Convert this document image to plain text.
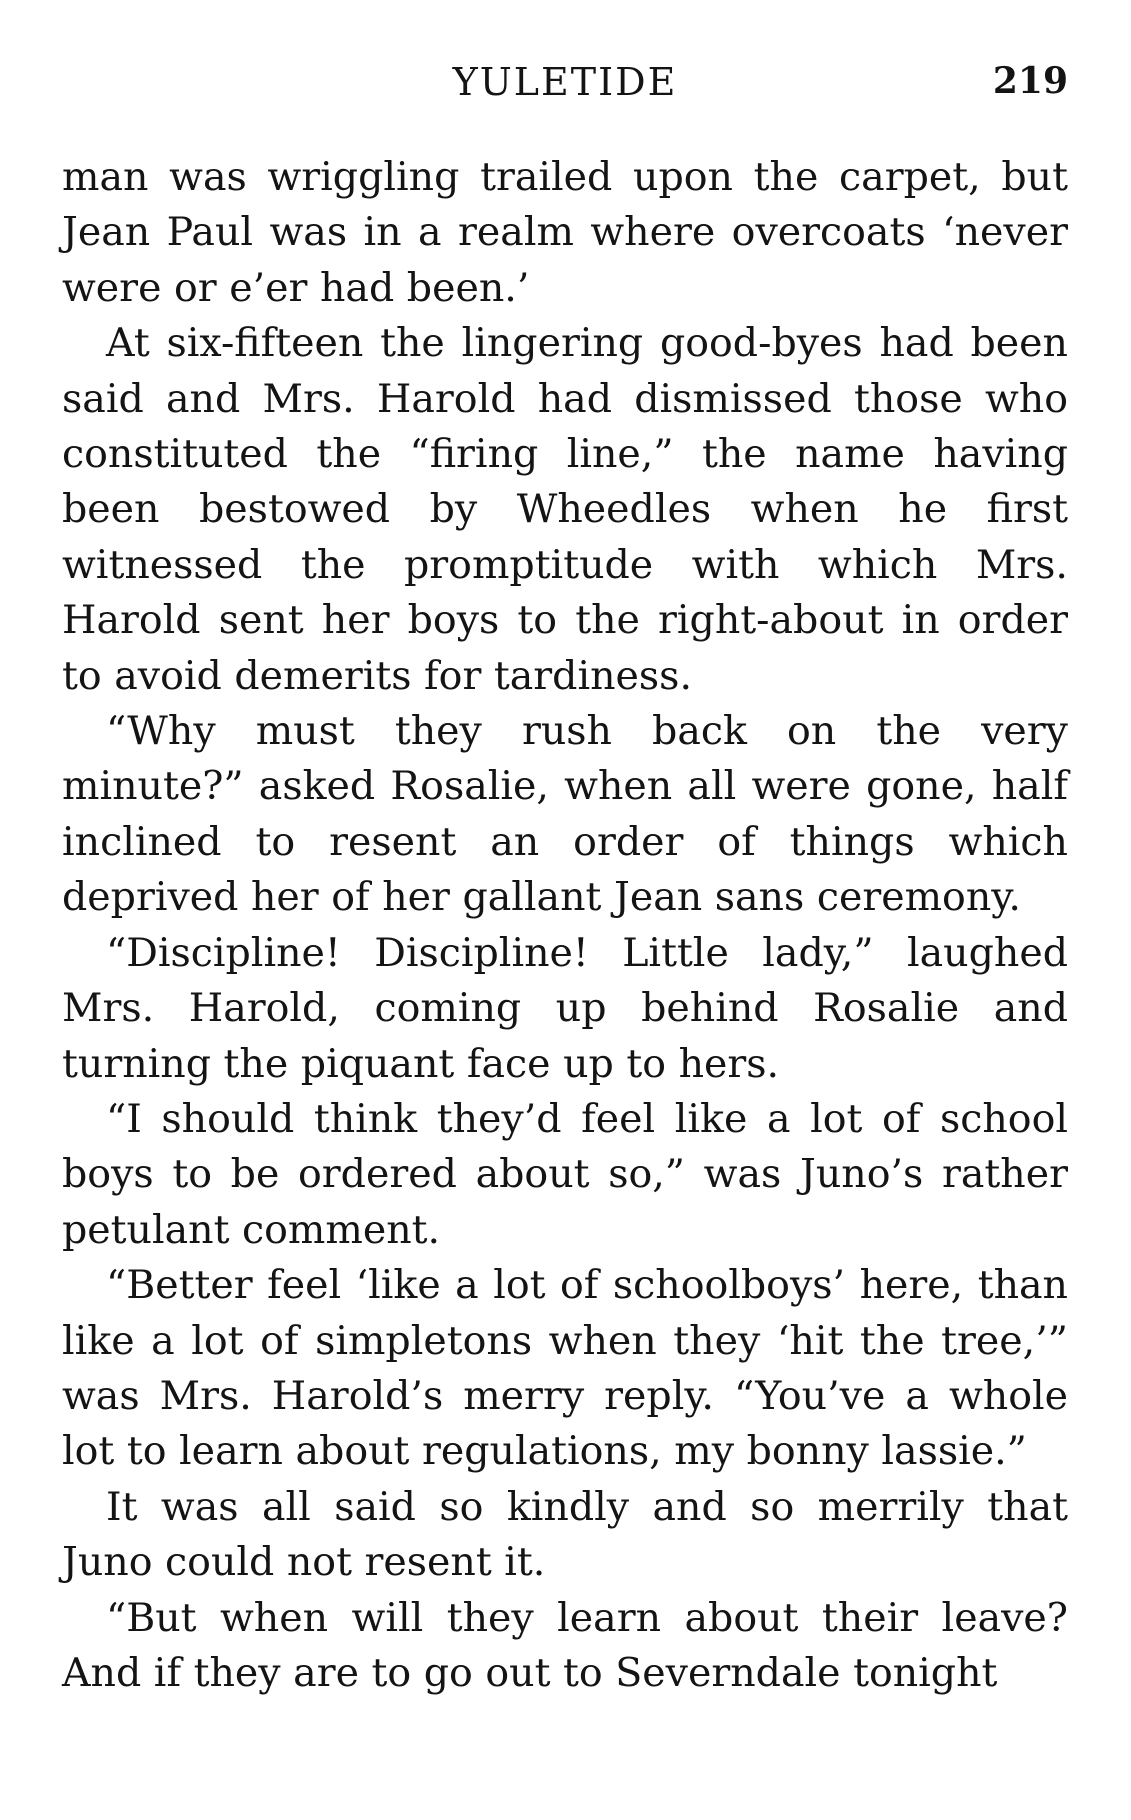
YULETIDE	219

man was wriggling trailed upon the carpet, but Jean Paul was in a realm where overcoats ‘never were or e’er had been.’

At six-fifteen the lingering good-byes had been said and Mrs. Harold had dismissed those who constituted the “firing line,” the name having been bestowed by Wheedles when he first witnessed the promptitude with which Mrs. Harold sent her boys to the right-about in order to avoid demerits for tardiness.

“Why must they rush back on the very minute?” asked Rosalie, when all were gone, half inclined to resent an order of things which deprived her of her gallant Jean sans ceremony.

“Discipline! Discipline! Little lady,” laughed Mrs. Harold, coming up behind Rosalie and turning the piquant face up to hers.

“I should think they’d feel like a lot of school boys to be ordered about so,” was Juno’s rather petulant comment.

“Better feel ‘like a lot of schoolboys’ here, than like a lot of simpletons when they ‘hit the tree,’” was Mrs. Harold’s merry reply. “You’ve a whole lot to learn about regulations, my bonny lassie.”

It was all said so kindly and so merrily that Juno could not resent it.

“But when will they learn about their leave? And if they are to go out to Severndale tonight
